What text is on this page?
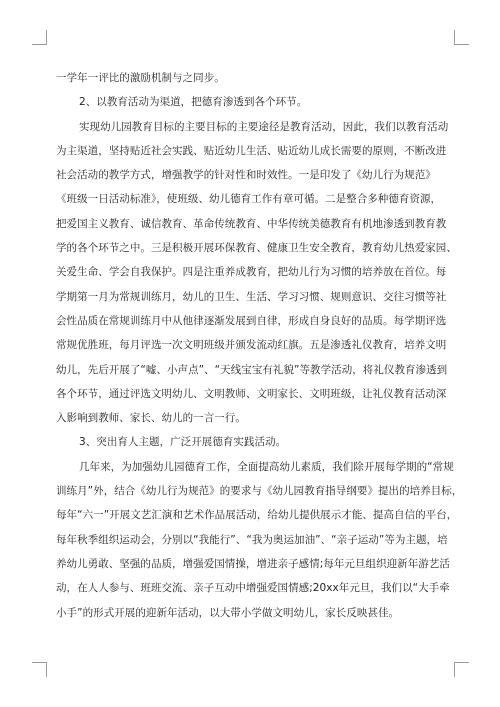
一学年一评比的激励机制与之同步。
2、以教育活动为渠道，把德育渗透到各个环节。
实现幼儿园教育目标的主要目标的主要途径是教育活动，因此，我们以教育活动
为主渠道，坚持贴近社会实践、贴近幼儿生活、贴近幼儿成长需要的原则，不断改进
社会活动的教学方式，增强教学的针对性和时效性。一是印发了《幼儿行为规范》
《班级一日活动标准》，使班级、幼儿德育工作有章可循。二是整合多种德育资源，
把爱国主义教育、诚信教育、革命传统教育、中华传统美德教育有机地渗透到教育教
学的各个环节之中。三是积极开展环保教育、健康卫生安全教育，教育幼儿热爱家园、
关爱生命、学会自我保护。四是注重养成教育，把幼儿行为习惯的培养放在首位。每
学期第一月为常规训练月，幼儿的卫生、生活、学习习惯、规则意识、交往习惯等社
会性品质在常规训练月中从他律逐渐发展到自律，形成自身良好的品质。每学期评选
常规优胜班，每月评选一次文明班级并颁发流动红旗。五是渗透礼仪教育，培养文明
幼儿，先后开展了“嘘、小声点”、“天线宝宝有礼貌”等教学活动，将礼仪教育渗透到
各个环节，通过评选文明幼儿、文明教师、文明家长、文明班级，让礼仪教育活动深
入影响到教师、家长、幼儿的一言一行。
3、突出育人主题，广泛开展德育实践活动。
几年来，为加强幼儿园德育工作，全面提高幼儿素质，我们除开展每学期的“常规
训练月”外，结合《幼儿行为规范》的要求与《幼儿园教育指导纲要》提出的培养目标，
每年“六一”开展文艺汇演和艺术作品展活动，给幼儿提供展示才能、提高自信的平台，
每年秋季组织运动会，分别以“我能行”、“我为奥运加油”、“亲子运动”等为主题，培
养幼儿勇敢、坚强的品质，增强爱国情操，增进亲子感情;每年元旦组织迎新年游艺活
动，在人人参与、班班交流、亲子互动中增强爱国情感;20xx年元旦，我们以“大手牵
小手”的形式开展的迎新年活动，以大带小学做文明幼儿，家长反映甚佳。
